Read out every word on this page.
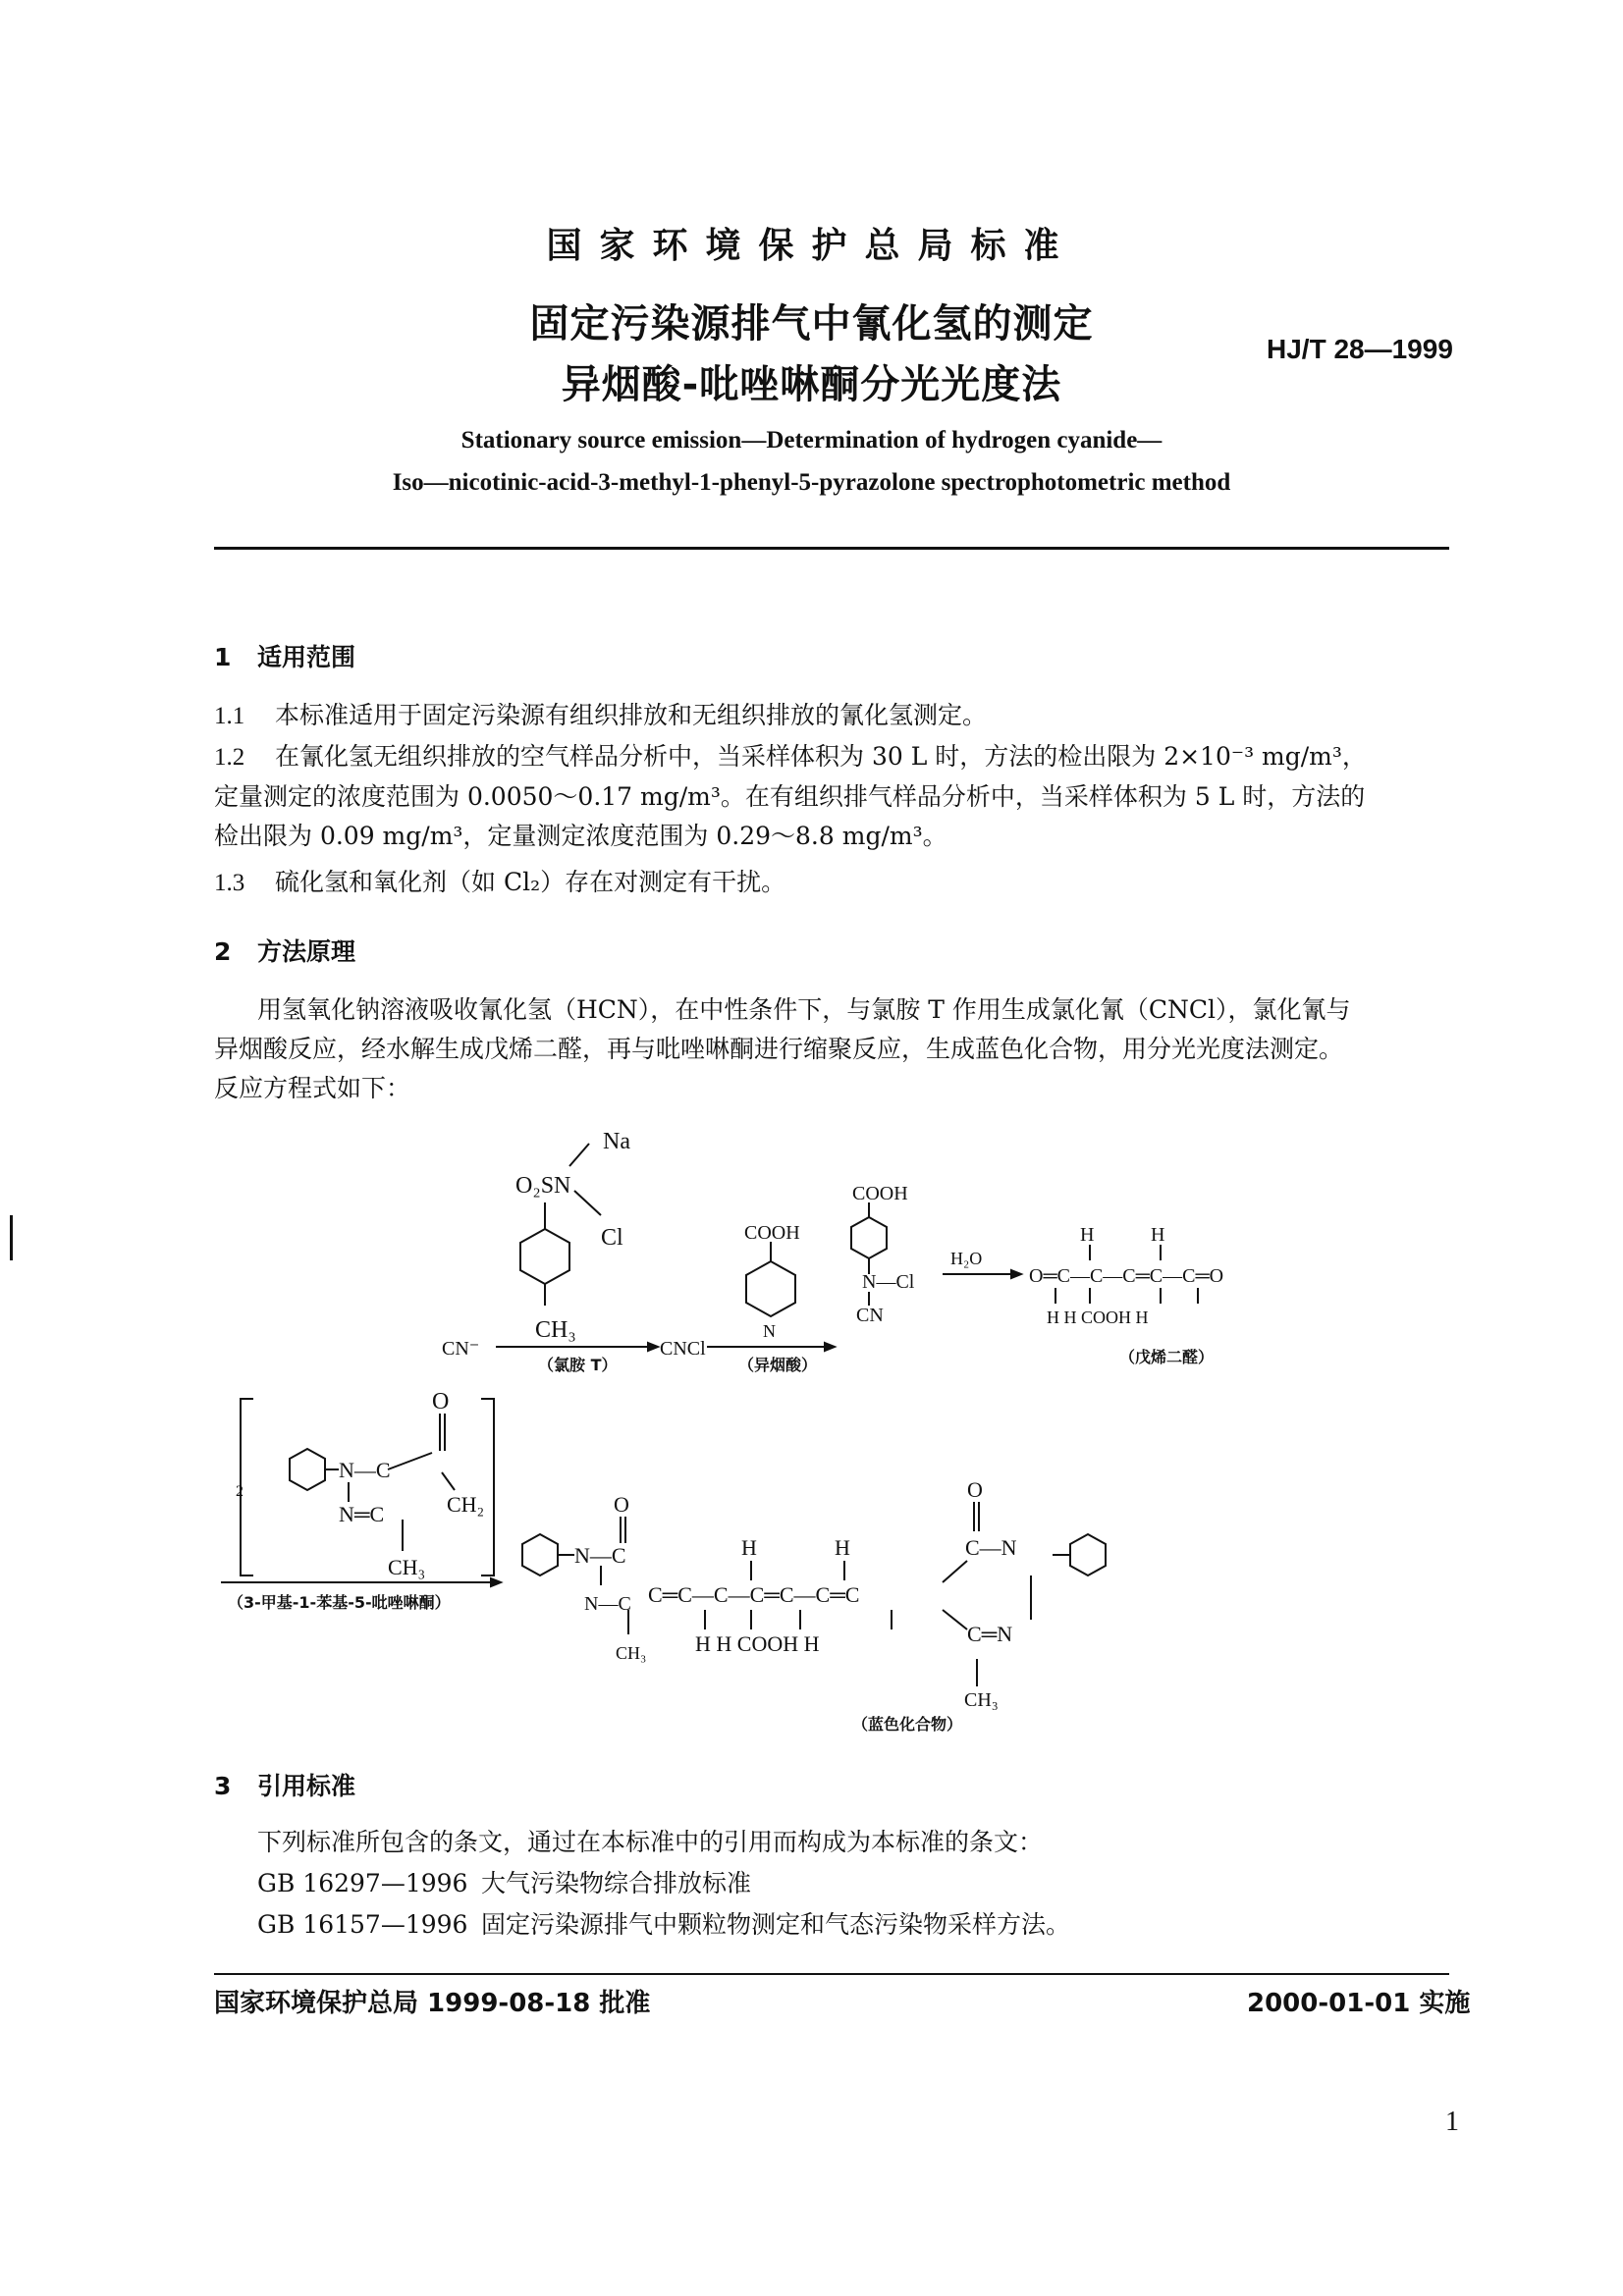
国家环境保护总局标准
固定污染源排气中氰化氢的测定
异烟酸-吡唑啉酮分光光度法
HJ/T 28—1999
Stationary source emission—Determination of hydrogen cyanide—
Iso—nicotinic-acid-3-methyl-1-phenyl-5-pyrazolone spectrophotometric method
1 适用范围
1.1 本标准适用于固定污染源有组织排放和无组织排放的氰化氢测定。
1.2 在氰化氢无组织排放的空气样品分析中，当采样体积为 30 L 时，方法的检出限为 2×10⁻³ mg/m³，
定量测定的浓度范围为 0.0050～0.17 mg/m³。在有组织排气样品分析中，当采样体积为 5 L 时，方法的
检出限为 0.09 mg/m³，定量测定浓度范围为 0.29～8.8 mg/m³。
1.3 硫化氢和氧化剂（如 Cl₂）存在对测定有干扰。
2 方法原理
用氢氧化钠溶液吸收氰化氢（HCN），在中性条件下，与氯胺 T 作用生成氯化氰（CNCl），氯化氰与
异烟酸反应，经水解生成戊烯二醛，再与吡唑啉酮进行缩聚反应，生成蓝色化合物，用分光光度法测定。
反应方程式如下：
Na
O₂SN
Cl
CH₃
CN⁻	CNCl
COOH
N
COOH
N—Cl
CN
H₂O
H	H
O═C—C—C═C—C═O
H H COOH H
2
O
N—C
CH₂
N═C
CH₃
O
N—C
N—C
CH₃
H	H
C═C—C—C═C—C═C
H H COOH H
O
C—N
C═N
CH₃
（氯胺 T）	（异烟酸）	（戊烯二醛）
（3-甲基-1-苯基-5-吡唑啉酮）
（蓝色化合物）
3 引用标准
下列标准所包含的条文，通过在本标准中的引用而构成为本标准的条文：
GB 16297—1996 大气污染物综合排放标准
GB 16157—1996 固定污染源排气中颗粒物测定和气态污染物采样方法。
国家环境保护总局 1999-08-18 批准	2000-01-01 实施
1
